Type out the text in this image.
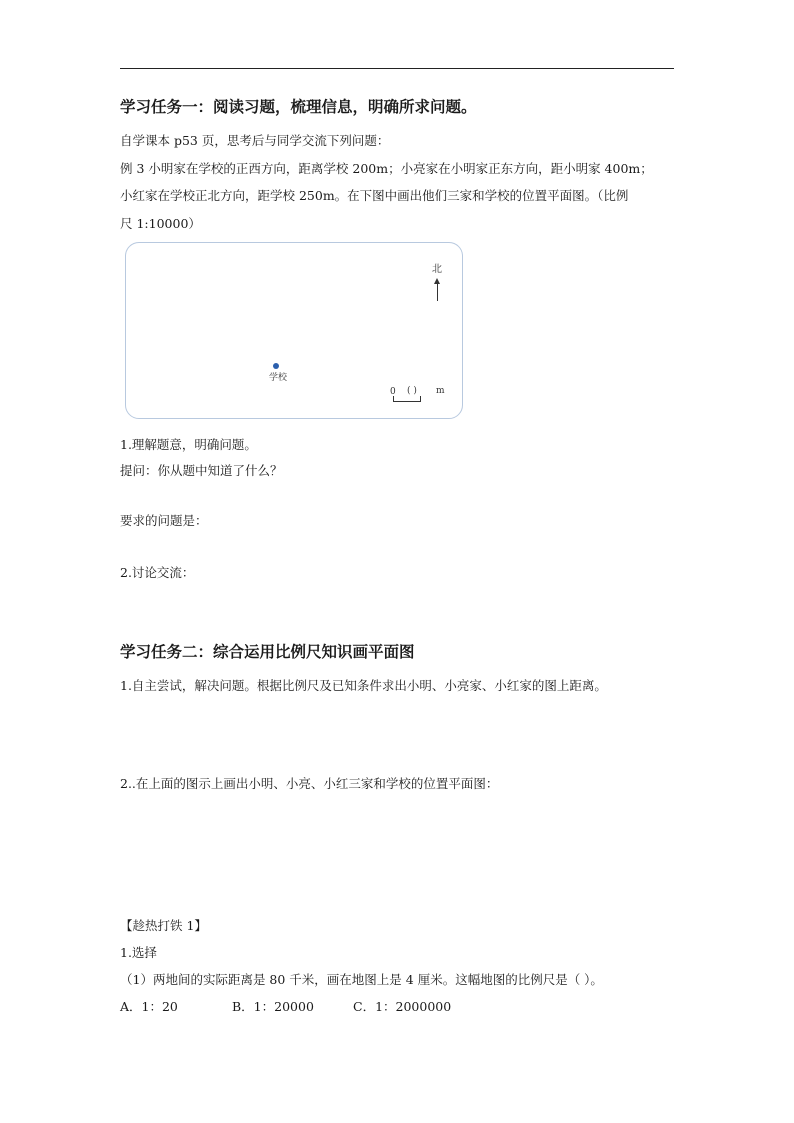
学习任务一：阅读习题，梳理信息，明确所求问题。
自学课本 p53 页，思考后与同学交流下列问题：
例 3 小明家在学校的正西方向，距离学校 200m；小亮家在小明家正东方向，距小明家 400m；
小红家在学校正北方向，距学校 250m。在下图中画出他们三家和学校的位置平面图。（比例
尺 1:10000）
北
学校
0 ( ) m
1.理解题意，明确问题。
提问：你从题中知道了什么？
要求的问题是：
2.讨论交流：
学习任务二：综合运用比例尺知识画平面图
1.自主尝试，解决问题。根据比例尺及已知条件求出小明、小亮家、小红家的图上距离。
2..在上面的图示上画出小明、小亮、小红三家和学校的位置平面图：
【趁热打铁 1】
1.选择
（1）两地间的实际距离是 80 千米，画在地图上是 4 厘米。这幅地图的比例尺是（ ）。
A．1：20	B．1：20000	C．1：2000000
